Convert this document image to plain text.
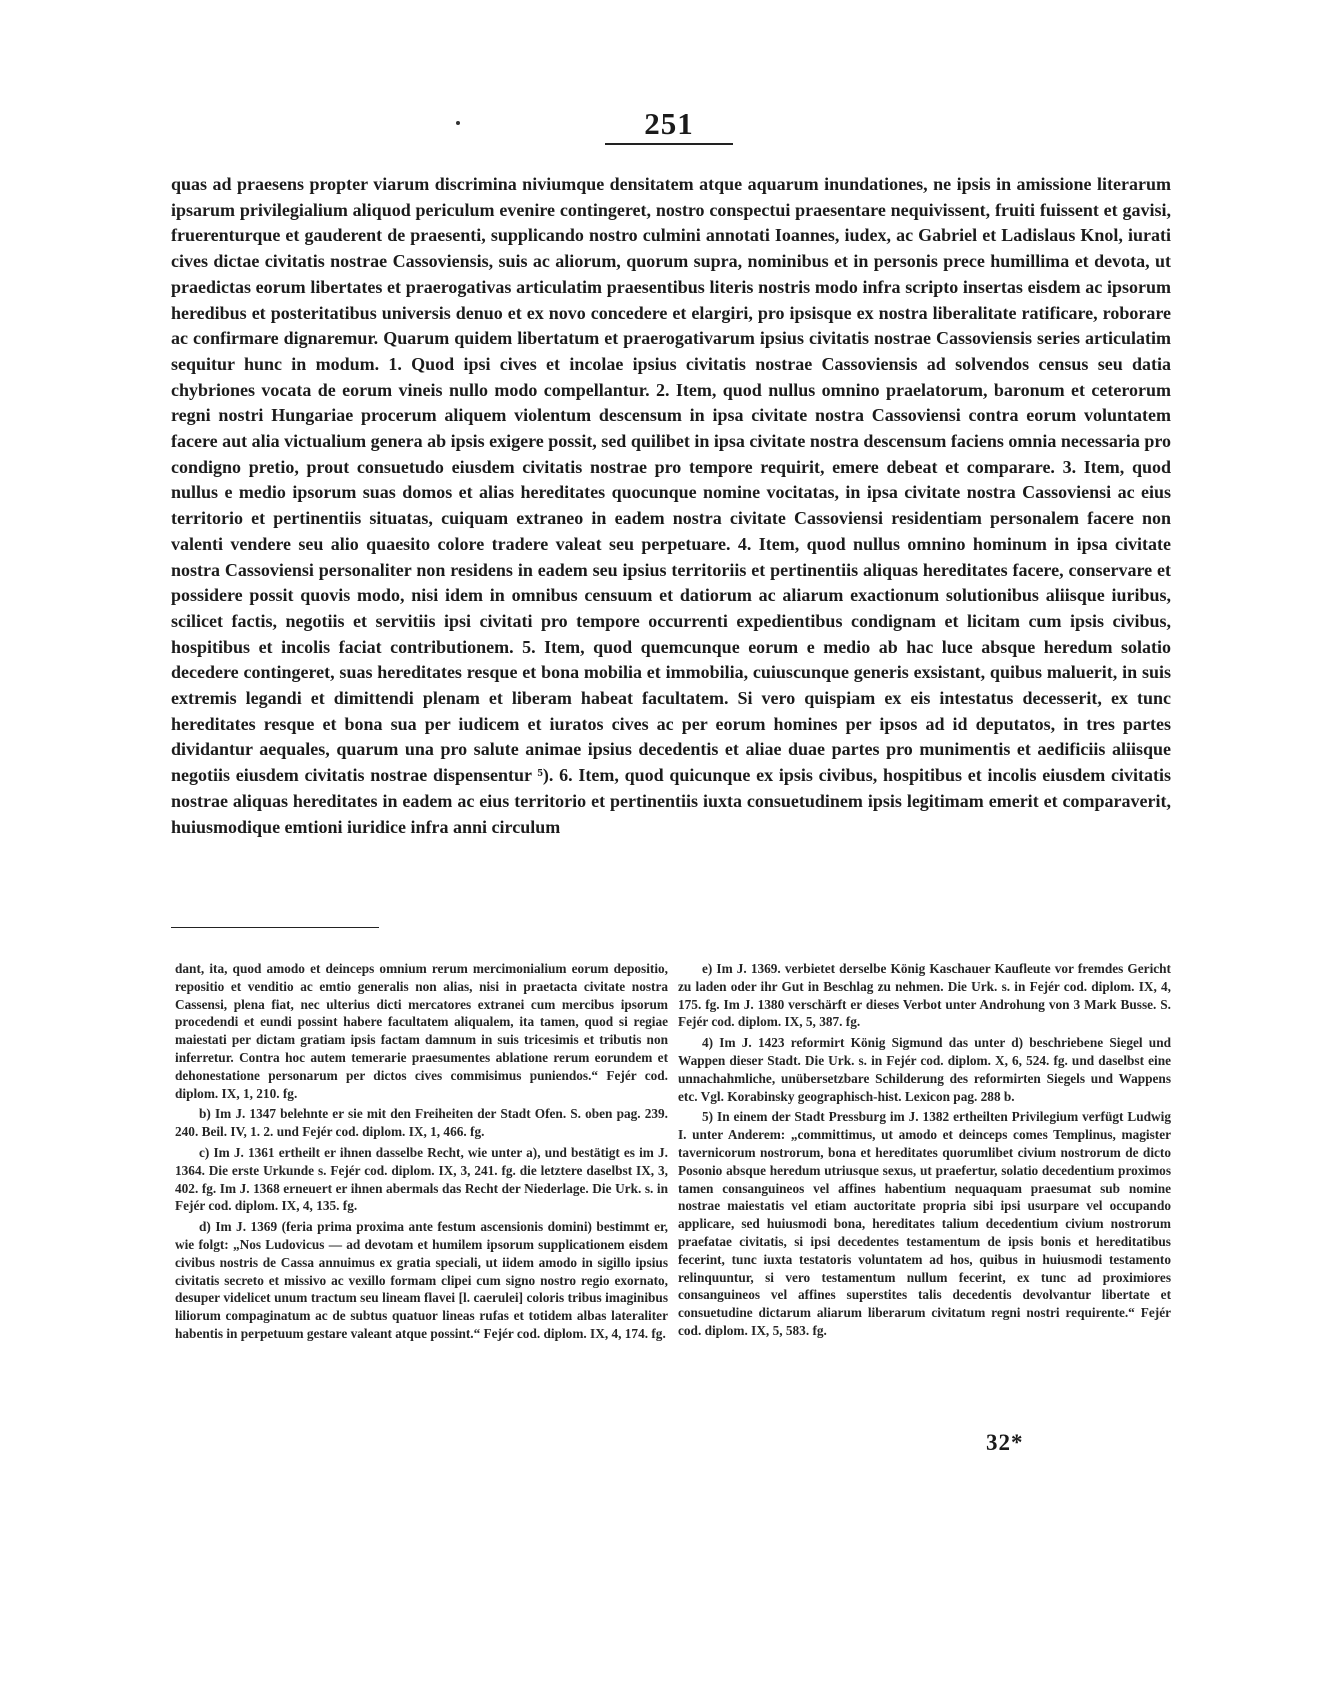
251

quas ad praesens propter viarum discrimina niviumque densitatem atque aquarum inundationes, ne ipsis in amissione literarum ipsarum privilegialium aliquod periculum evenire contingeret, nostro conspectui praesentare nequivissent, fruiti fuissent et gavisi, fruerenturque et gauderent de praesenti, supplicando nostro culmini annotati Ioannes, iudex, ac Gabriel et Ladislaus Knol, iurati cives dictae civitatis nostrae Cassoviensis, suis ac aliorum, quorum supra, nominibus et in personis prece humillima et devota, ut praedictas eorum libertates et praerogativas articulatim praesentibus literis nostris modo infra scripto insertas eisdem ac ipsorum heredibus et posteritatibus universis denuo et ex novo concedere et elargiri, pro ipsisque ex nostra liberalitate ratificare, roborare ac confirmare dignaremur. Quarum quidem libertatum et praerogativarum ipsius civitatis nostrae Cassoviensis series articulatim sequitur hunc in modum. 1. Quod ipsi cives et incolae ipsius civitatis nostrae Cassoviensis ad solvendos census seu datia chybriones vocata de eorum vineis nullo modo compellantur. 2. Item, quod nullus omnino praelatorum, baronum et ceterorum regni nostri Hungariae procerum aliquem violentum descensum in ipsa civitate nostra Cassoviensi contra eorum voluntatem facere aut alia victualium genera ab ipsis exigere possit, sed quilibet in ipsa civitate nostra descensum faciens omnia necessaria pro condigno pretio, prout consuetudo eiusdem civitatis nostrae pro tempore requirit, emere debeat et comparare. 3. Item, quod nullus e medio ipsorum suas domos et alias hereditates quocunque nomine vocitatas, in ipsa civitate nostra Cassoviensi ac eius territorio et pertinentiis situatas, cuiquam extraneo in eadem nostra civitate Cassoviensi residentiam personalem facere non valenti vendere seu alio quaesito colore tradere valeat seu perpetuare. 4. Item, quod nullus omnino hominum in ipsa civitate nostra Cassoviensi personaliter non residens in eadem seu ipsius territoriis et pertinentiis aliquas hereditates facere, conservare et possidere possit quovis modo, nisi idem in omnibus censuum et datiorum ac aliarum exactionum solutionibus aliisque iuribus, scilicet factis, negotiis et servitiis ipsi civitati pro tempore occurrenti expedientibus condignam et licitam cum ipsis civibus, hospitibus et incolis faciat contributionem. 5. Item, quod quemcunque eorum e medio ab hac luce absque heredum solatio decedere contingeret, suas hereditates resque et bona mobilia et immobilia, cuiuscunque generis exsistant, quibus maluerit, in suis extremis legandi et dimittendi plenam et liberam habeat facultatem. Si vero quispiam ex eis intestatus decesserit, ex tunc hereditates resque et bona sua per iudicem et iuratos cives ac per eorum homines per ipsos ad id deputatos, in tres partes dividantur aequales, quarum una pro salute animae ipsius decedentis et aliae duae partes pro munimentis et aedificiis aliisque negotiis eiusdem civitatis nostrae dispensentur ⁵). 6. Item, quod quicunque ex ipsis civibus, hospitibus et incolis eiusdem civitatis nostrae aliquas hereditates in eadem ac eius territorio et pertinentiis iuxta consuetudinem ipsis legitimam emerit et comparaverit, huiusmodique emtioni iuridice infra anni circulum

dant, ita, quod amodo et deinceps omnium rerum mercimonialium eorum depositio, repositio et venditio ac emtio generalis non alias, nisi in praetacta civitate nostra Cassensi, plena fiat, nec ulterius dicti mercatores extranei cum mercibus ipsorum procedendi et eundi possint habere facultatem aliqualem, ita tamen, quod si regiae maiestati per dictam gratiam ipsis factam damnum in suis tricesimis et tributis non inferretur. Contra hoc autem temerarie praesumentes ablatione rerum eorundem et dehonestatione personarum per dictos cives commisimus puniendos.“ Fejér cod. diplom. IX, 1, 210. fg.

b) Im J. 1347 belehnte er sie mit den Freiheiten der Stadt Ofen. S. oben pag. 239. 240. Beil. IV, 1. 2. und Fejér cod. diplom. IX, 1, 466. fg.

c) Im J. 1361 ertheilt er ihnen dasselbe Recht, wie unter a), und bestätigt es im J. 1364. Die erste Urkunde s. Fejér cod. diplom. IX, 3, 241. fg. die letztere daselbst IX, 3, 402. fg. Im J. 1368 erneuert er ihnen abermals das Recht der Niederlage. Die Urk. s. in Fejér cod. diplom. IX, 4, 135. fg.

d) Im J. 1369 (feria prima proxima ante festum ascensionis domini) bestimmt er, wie folgt: „Nos Ludovicus — ad devotam et humilem ipsorum supplicationem eisdem civibus nostris de Cassa annuimus ex gratia speciali, ut iidem amodo in sigillo ipsius civitatis secreto et missivo ac vexillo formam clipei cum signo nostro regio exornato, desuper videlicet unum tractum seu lineam flavei [l. caerulei] coloris tribus imaginibus liliorum compaginatum ac de subtus quatuor lineas rufas et totidem albas lateraliter habentis in perpetuum gestare valeant atque possint.“ Fejér cod. diplom. IX, 4, 174. fg.

e) Im J. 1369. verbietet derselbe König Kaschauer Kaufleute vor fremdes Gericht zu laden oder ihr Gut in Beschlag zu nehmen. Die Urk. s. in Fejér cod. diplom. IX, 4, 175. fg. Im J. 1380 verschärft er dieses Verbot unter Androhung von 3 Mark Busse. S. Fejér cod. diplom. IX, 5, 387. fg.

4) Im J. 1423 reformirt König Sigmund das unter d) beschriebene Siegel und Wappen dieser Stadt. Die Urk. s. in Fejér cod. diplom. X, 6, 524. fg. und daselbst eine unnachahmliche, unübersetzbare Schilderung des reformirten Siegels und Wappens etc. Vgl. Korabinsky geographisch-hist. Lexicon pag. 288 b.

5) In einem der Stadt Pressburg im J. 1382 ertheilten Privilegium verfügt Ludwig I. unter Anderem: „committimus, ut amodo et deinceps comes Templinus, magister tavernicorum nostrorum, bona et hereditates quorumlibet civium nostrorum de dicto Posonio absque heredum utriusque sexus, ut praefertur, solatio decedentium proximos tamen consanguineos vel affines habentium nequaquam praesumat sub nomine nostrae maiestatis vel etiam auctoritate propria sibi ipsi usurpare vel occupando applicare, sed huiusmodi bona, hereditates talium decedentium civium nostrorum praefatae civitatis, si ipsi decedentes testamentum de ipsis bonis et hereditatibus fecerint, tunc iuxta testatoris voluntatem ad hos, quibus in huiusmodi testamento relinquuntur, si vero testamentum nullum fecerint, ex tunc ad proximiores consanguineos vel affines superstites talis decedentis devolvantur libertate et consuetudine dictarum aliarum liberarum civitatum regni nostri requirente.“ Fejér cod. diplom. IX, 5, 583. fg.

32*
